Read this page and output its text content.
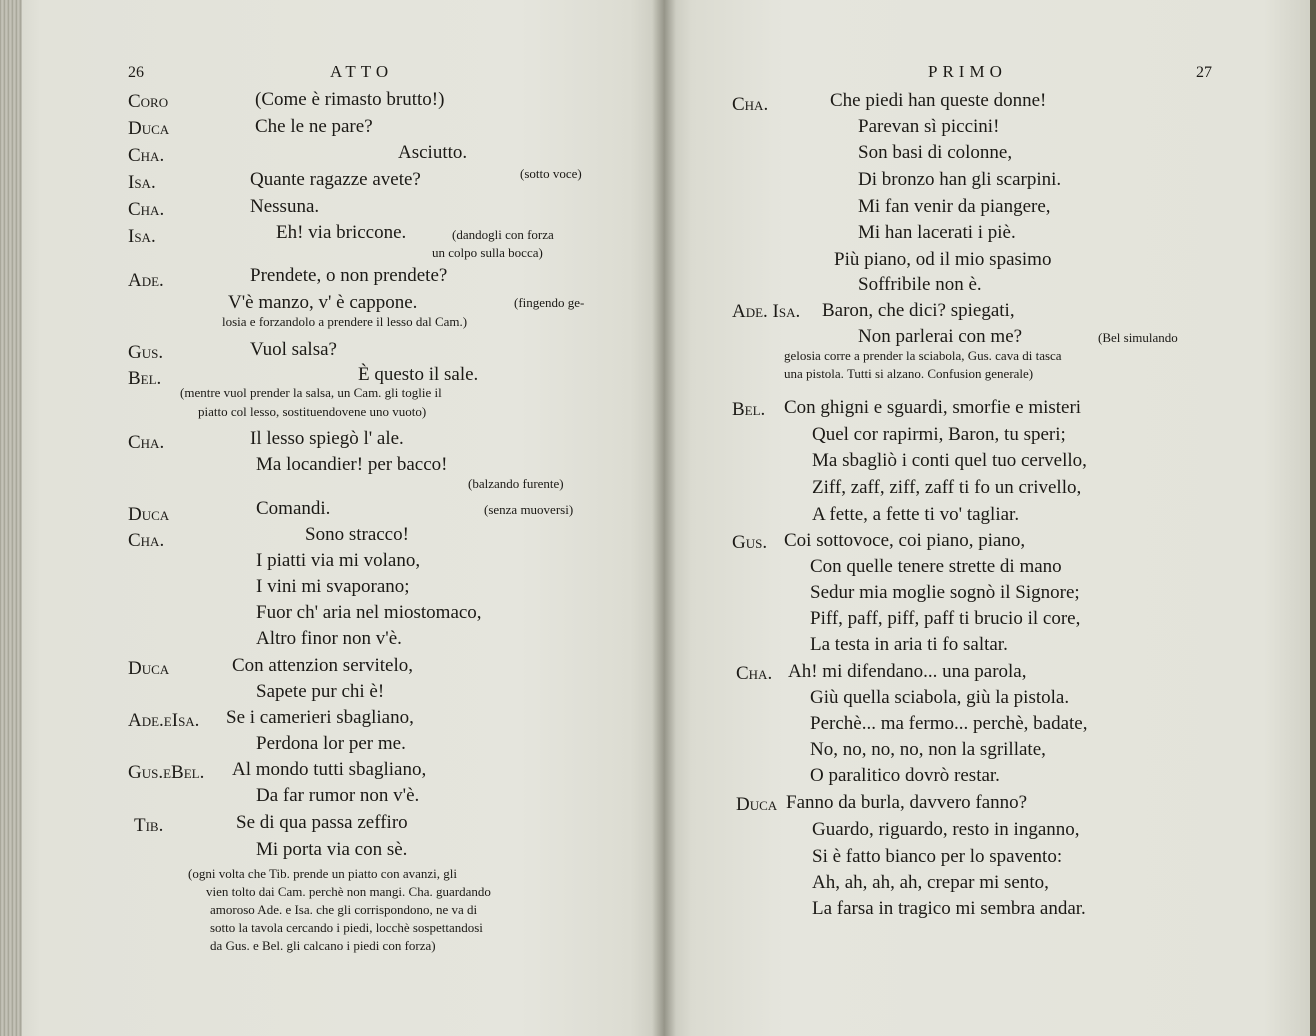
26	ATTO
Coro	(Come è rimasto brutto!)
Duca	Che le ne pare?
Cha.	Asciutto.
Isa.	Quante ragazze avete?	(sotto voce)
Cha.	Nessuna.
Isa.	Eh! via briccone.	(dandogli con forza
un colpo sulla bocca)
Ade.	Prendete, o non prendete?
V'è manzo, v' è cappone.	(fingendo ge-
losia e forzandolo a prendere il lesso dal Cam.)
Gus.	Vuol salsa?
Bel.	È questo il sale.
(mentre vuol prender la salsa, un Cam. gli toglie il
piatto col lesso, sostituendovene uno vuoto)
Cha.	Il lesso spiegò l' ale.
Ma locandier! per bacco!
(balzando furente)
Duca	Comandi.	(senza muoversi)
Cha.	Sono stracco!
I piatti via mi volano,
I vini mi svaporano;
Fuor ch' aria nel miostomaco,
Altro finor non v'è.
Duca	Con attenzion servitelo,
Sapete pur chi è!
Ade.eIsa. Se i camerieri sbagliano,
Perdona lor per me.
Gus.eBel. Al mondo tutti sbagliano,
Da far rumor non v'è.
Tib.	Se di qua passa zeffiro
Mi porta via con sè.
(ogni volta che Tib. prende un piatto con avanzi, gli
vien tolto dai Cam. perchè non mangi. Cha. guardando
amoroso Ade. e Isa. che gli corrispondono, ne va di
sotto la tavola cercando i piedi, locchè sospettandosi
da Gus. e Bel. gli calcano i piedi con forza)
PRIMO	27
Cha.	Che piedi han queste donne!
Parevan sì piccini!
Son basi di colonne,
Di bronzo han gli scarpini.
Mi fan venir da piangere,
Mi han lacerati i piè.
Più piano, od il mio spasimo
Soffribile non è.
Ade. Isa. Baron, che dici? spiegati,
Non parlerai con me?	(Bel simulando
gelosia corre a prender la sciabola, Gus. cava di tasca
una pistola. Tutti si alzano. Confusion generale)
Bel. Con ghigni e sguardi, smorfie e misteri
Quel cor rapirmi, Baron, tu speri;
Ma sbagliò i conti quel tuo cervello,
Ziff, zaff, ziff, zaff ti fo un crivello,
A fette, a fette ti vo' tagliar.
Gus. Coi sottovoce, coi piano, piano,
Con quelle tenere strette di mano
Sedur mia moglie sognò il Signore;
Piff, paff, piff, paff ti brucio il core,
La testa in aria ti fo saltar.
Cha. Ah! mi difendano... una parola,
Giù quella sciabola, giù la pistola.
Perchè... ma fermo... perchè, badate,
No, no, no, no, non la sgrillate,
O paralitico dovrò restar.
Duca Fanno da burla, davvero fanno?
Guardo, riguardo, resto in inganno,
Si è fatto bianco per lo spavento:
Ah, ah, ah, ah, crepar mi sento,
La farsa in tragico mi sembra andar.
